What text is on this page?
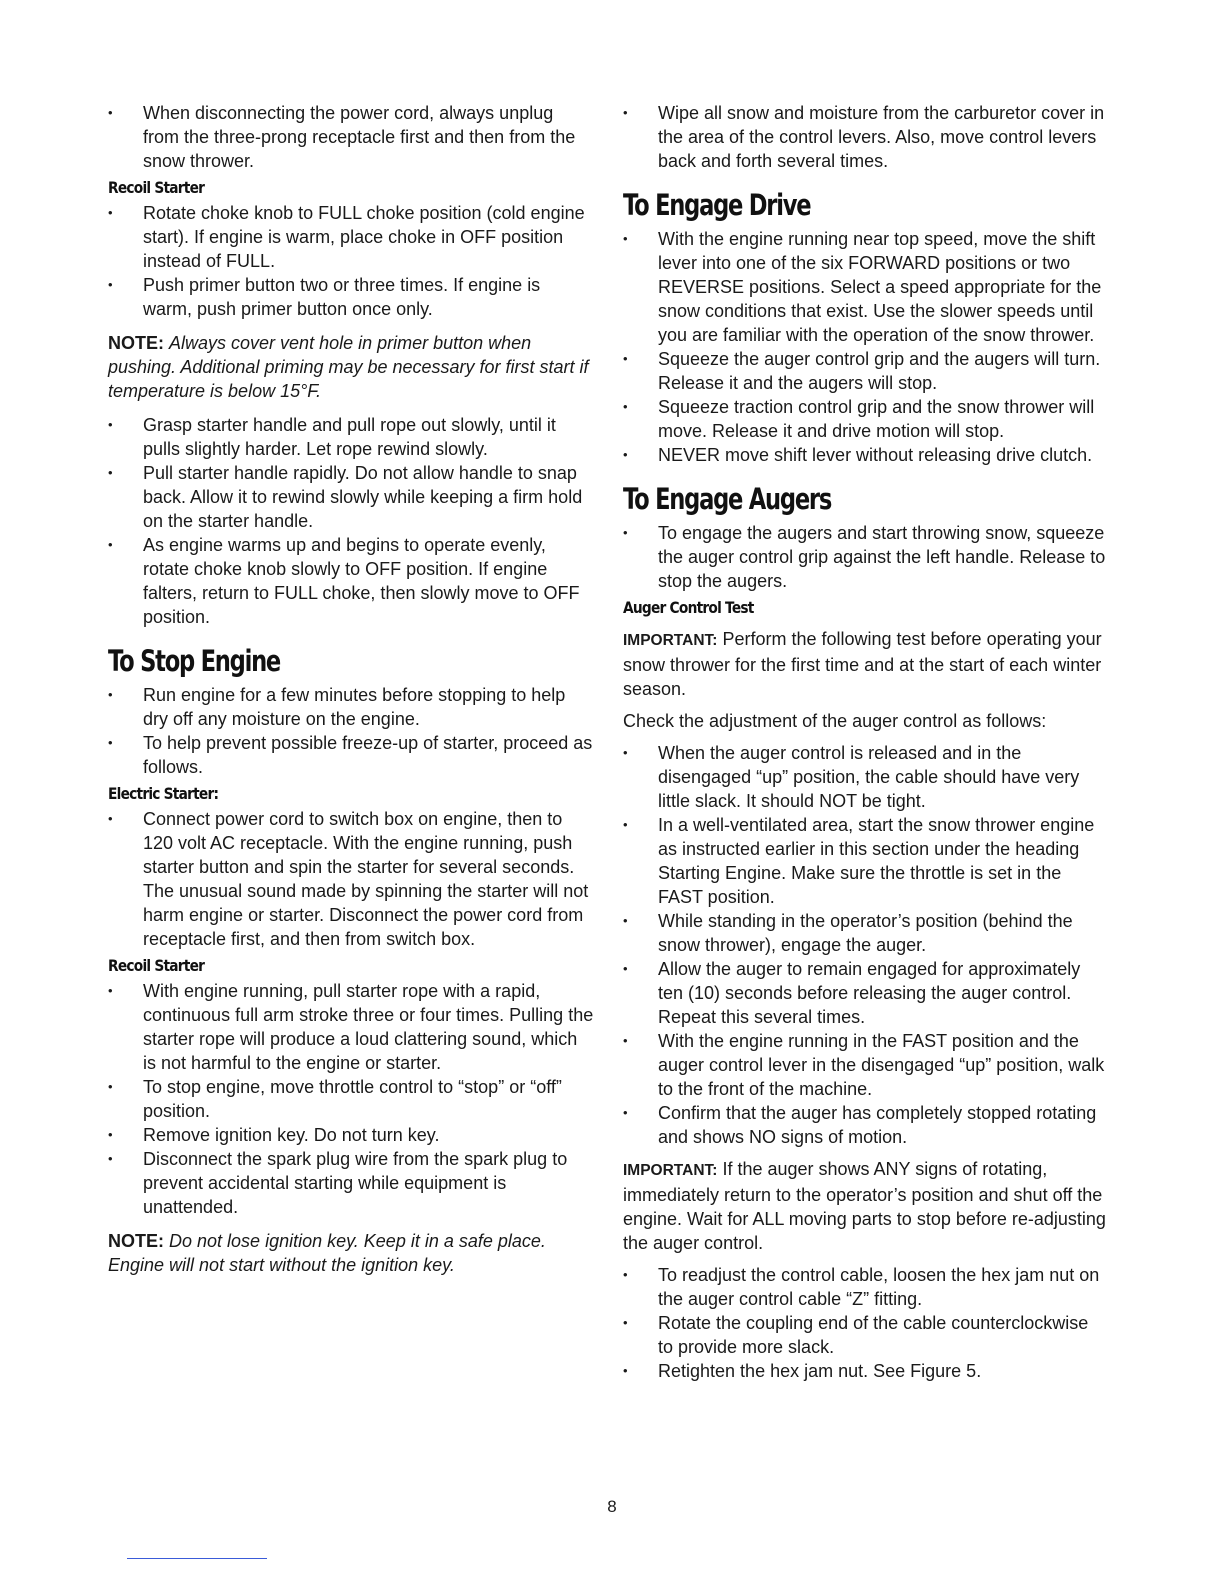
• When disconnecting the power cord, always unplug from the three-prong receptacle first and then from the snow thrower.
Recoil Starter
• Rotate choke knob to FULL choke position (cold engine start). If engine is warm, place choke in OFF position instead of FULL.
• Push primer button two or three times. If engine is warm, push primer button once only.
NOTE: Always cover vent hole in primer button when pushing. Additional priming may be necessary for first start if temperature is below 15°F.
• Grasp starter handle and pull rope out slowly, until it pulls slightly harder. Let rope rewind slowly.
• Pull starter handle rapidly. Do not allow handle to snap back. Allow it to rewind slowly while keeping a firm hold on the starter handle.
• As engine warms up and begins to operate evenly, rotate choke knob slowly to OFF position. If engine falters, return to FULL choke, then slowly move to OFF position.
To Stop Engine
• Run engine for a few minutes before stopping to help dry off any moisture on the engine.
• To help prevent possible freeze-up of starter, proceed as follows.
Electric Starter:
• Connect power cord to switch box on engine, then to 120 volt AC receptacle. With the engine running, push starter button and spin the starter for several seconds. The unusual sound made by spinning the starter will not harm engine or starter. Disconnect the power cord from receptacle first, and then from switch box.
Recoil Starter
• With engine running, pull starter rope with a rapid, continuous full arm stroke three or four times. Pulling the starter rope will produce a loud clattering sound, which is not harmful to the engine or starter.
• To stop engine, move throttle control to “stop” or “off” position.
• Remove ignition key. Do not turn key.
• Disconnect the spark plug wire from the spark plug to prevent accidental starting while equipment is unattended.
NOTE: Do not lose ignition key. Keep it in a safe place. Engine will not start without the ignition key.
• Wipe all snow and moisture from the carburetor cover in the area of the control levers. Also, move control levers back and forth several times.
To Engage Drive
• With the engine running near top speed, move the shift lever into one of the six FORWARD positions or two REVERSE positions. Select a speed appropriate for the snow conditions that exist. Use the slower speeds until you are familiar with the operation of the snow thrower.
• Squeeze the auger control grip and the augers will turn. Release it and the augers will stop.
• Squeeze traction control grip and the snow thrower will move. Release it and drive motion will stop.
• NEVER move shift lever without releasing drive clutch.
To Engage Augers
• To engage the augers and start throwing snow, squeeze the auger control grip against the left handle. Release to stop the augers.
Auger Control Test
IMPORTANT: Perform the following test before operating your snow thrower for the first time and at the start of each winter season.
Check the adjustment of the auger control as follows:
• When the auger control is released and in the disengaged “up” position, the cable should have very little slack. It should NOT be tight.
• In a well-ventilated area, start the snow thrower engine as instructed earlier in this section under the heading Starting Engine. Make sure the throttle is set in the FAST position.
• While standing in the operator’s position (behind the snow thrower), engage the auger.
• Allow the auger to remain engaged for approximately ten (10) seconds before releasing the auger control. Repeat this several times.
• With the engine running in the FAST position and the auger control lever in the disengaged “up” position, walk to the front of the machine.
• Confirm that the auger has completely stopped rotating and shows NO signs of motion.
IMPORTANT: If the auger shows ANY signs of rotating, immediately return to the operator’s position and shut off the engine. Wait for ALL moving parts to stop before re-adjusting the auger control.
• To readjust the control cable, loosen the hex jam nut on the auger control cable “Z” fitting.
• Rotate the coupling end of the cable counterclockwise to provide more slack.
• Retighten the hex jam nut. See Figure 5.
8
